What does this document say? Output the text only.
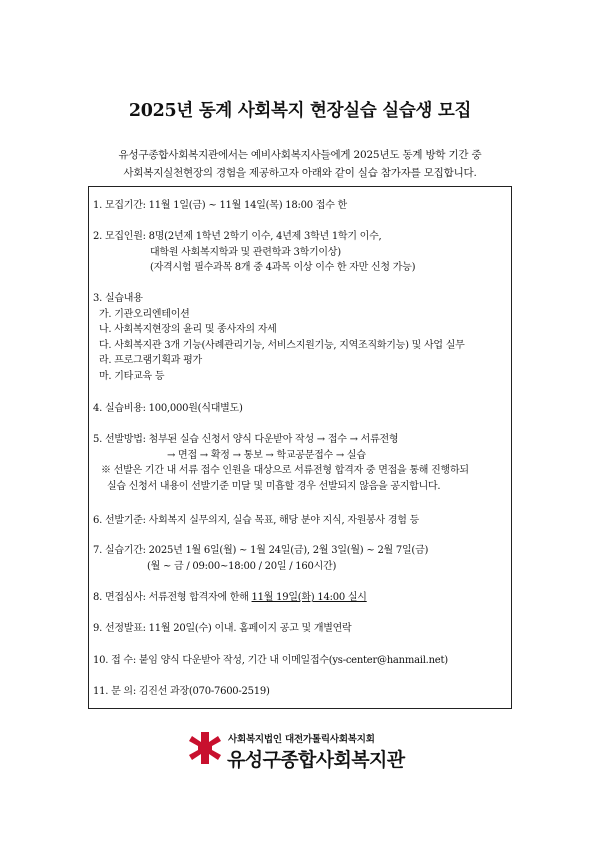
2025년 동계 사회복지 현장실습 실습생 모집
유성구종합사회복지관에서는 예비사회복지사들에게 2025년도 동계 방학 기간 중
사회복지실천현장의 경험을 제공하고자 아래와 같이 실습 참가자를 모집합니다.
1. 모집기간: 11월 1일(금) ~ 11월 14일(목) 18:00 접수 한
2. 모집인원: 8명(2년제 1학년 2학기 이수, 4년제 3학년 1학기 이수,
대학원 사회복지학과 및 관련학과 3학기이상)
(자격시험 필수과목 8개 중 4과목 이상 이수 한 자만 신청 가능)
3. 실습내용
가. 기관오리엔테이션
나. 사회복지현장의 윤리 및 종사자의 자세
다. 사회복지관 3개 기능(사례관리기능, 서비스지원기능, 지역조직화기능) 및 사업 실무
라. 프로그램기획과 평가
마. 기타교육 등
4. 실습비용: 100,000원(식대별도)
5. 선발방법: 첨부된 실습 신청서 양식 다운받아 작성 → 접수 → 서류전형
→ 면접 → 확정 → 통보 → 학교공문접수 → 실습
※ 선발은 기간 내 서류 접수 인원을 대상으로 서류전형 합격자 중 면접을 통해 진행하되
실습 신청서 내용이 선발기준 미달 및 미흡할 경우 선발되지 않음을 공지합니다.
6. 선발기준: 사회복지 실무의지, 실습 목표, 해당 분야 지식, 자원봉사 경험 등
7. 실습기간: 2025년 1월 6일(월) ~ 1월 24일(금), 2월 3일(월) ~ 2월 7일(금)
(월 ~ 금 / 09:00~18:00 / 20일 / 160시간)
8. 면접심사: 서류전형 합격자에 한해 11월 19일(화) 14:00 실시
9. 선정발표: 11월 20일(수) 이내. 홈페이지 공고 및 개별연락
10. 접 수: 붙임 양식 다운받아 작성, 기간 내 이메일접수(ys-center@hanmail.net)
11. 문 의: 김진선 과장(070-7600-2519)
사회복지법인 대전가톨릭사회복지회
유성구종합사회복지관
